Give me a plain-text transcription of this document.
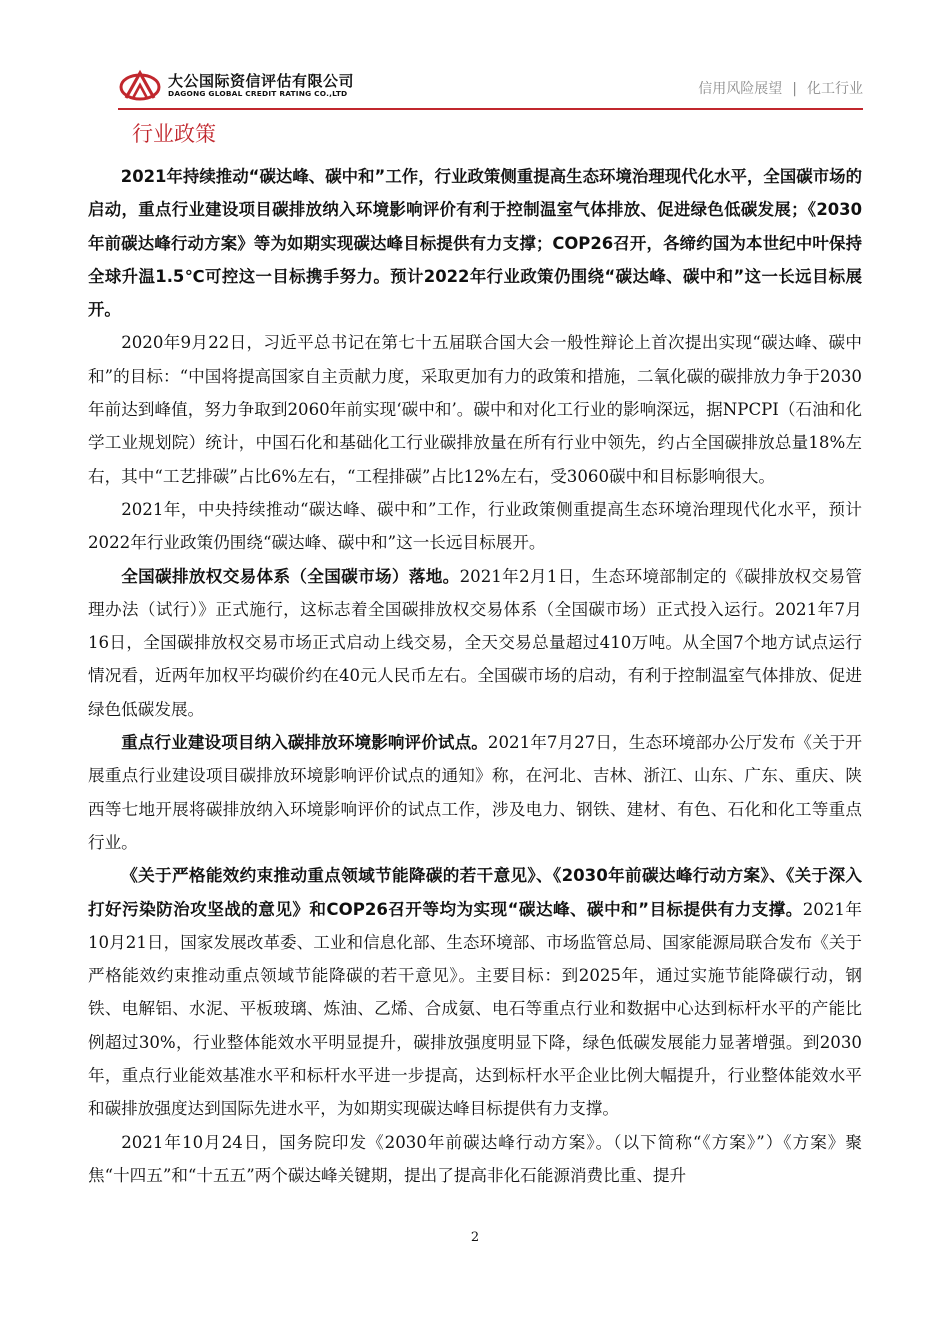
大公国际资信评估有限公司
DAGONG GLOBAL CREDIT RATING CO.,LTD	信用风险展望 | 化工行业
行业政策

2021年持续推动“碳达峰、碳中和”工作，行业政策侧重提高生态环境治理现代化水平，全国碳市场的启动，重点行业建设项目碳排放纳入环境影响评价有利于控制温室气体排放、促进绿色低碳发展；《2030年前碳达峰行动方案》等为如期实现碳达峰目标提供有力支撑；COP26召开，各缔约国为本世纪中叶保持全球升温1.5℃可控这一目标携手努力。预计2022年行业政策仍围绕“碳达峰、碳中和”这一长远目标展开。

2020年9月22日，习近平总书记在第七十五届联合国大会一般性辩论上首次提出实现“碳达峰、碳中和”的目标：“中国将提高国家自主贡献力度，采取更加有力的政策和措施，二氧化碳的碳排放力争于2030年前达到峰值，努力争取到2060年前实现‘碳中和’。碳中和对化工行业的影响深远，据NPCPI（石油和化学工业规划院）统计，中国石化和基础化工行业碳排放量在所有行业中领先，约占全国碳排放总量18%左右，其中“工艺排碳”占比6%左右，“工程排碳”占比12%左右，受3060碳中和目标影响很大。

2021年，中央持续推动“碳达峰、碳中和”工作，行业政策侧重提高生态环境治理现代化水平，预计2022年行业政策仍围绕“碳达峰、碳中和”这一长远目标展开。

全国碳排放权交易体系（全国碳市场）落地。2021年2月1日，生态环境部制定的《碳排放权交易管理办法（试行）》正式施行，这标志着全国碳排放权交易体系（全国碳市场）正式投入运行。2021年7月16日，全国碳排放权交易市场正式启动上线交易，全天交易总量超过410万吨。从全国7个地方试点运行情况看，近两年加权平均碳价约在40元人民币左右。全国碳市场的启动，有利于控制温室气体排放、促进绿色低碳发展。

重点行业建设项目纳入碳排放环境影响评价试点。2021年7月27日，生态环境部办公厅发布《关于开展重点行业建设项目碳排放环境影响评价试点的通知》称，在河北、吉林、浙江、山东、广东、重庆、陕西等七地开展将碳排放纳入环境影响评价的试点工作，涉及电力、钢铁、建材、有色、石化和化工等重点行业。

《关于严格能效约束推动重点领域节能降碳的若干意见》、《2030年前碳达峰行动方案》、《关于深入打好污染防治攻坚战的意见》和COP26召开等均为实现“碳达峰、碳中和”目标提供有力支撑。2021年10月21日，国家发展改革委、工业和信息化部、生态环境部、市场监管总局、国家能源局联合发布《关于严格能效约束推动重点领域节能降碳的若干意见》。主要目标：到2025年，通过实施节能降碳行动，钢铁、电解铝、水泥、平板玻璃、炼油、乙烯、合成氨、电石等重点行业和数据中心达到标杆水平的产能比例超过30%，行业整体能效水平明显提升，碳排放强度明显下降，绿色低碳发展能力显著增强。到2030年，重点行业能效基准水平和标杆水平进一步提高，达到标杆水平企业比例大幅提升，行业整体能效水平和碳排放强度达到国际先进水平，为如期实现碳达峰目标提供有力支撑。

2021年10月24日，国务院印发《2030年前碳达峰行动方案》。（以下简称“《方案》”）《方案》聚焦“十四五”和“十五五”两个碳达峰关键期，提出了提高非化石能源消费比重、提升

2
